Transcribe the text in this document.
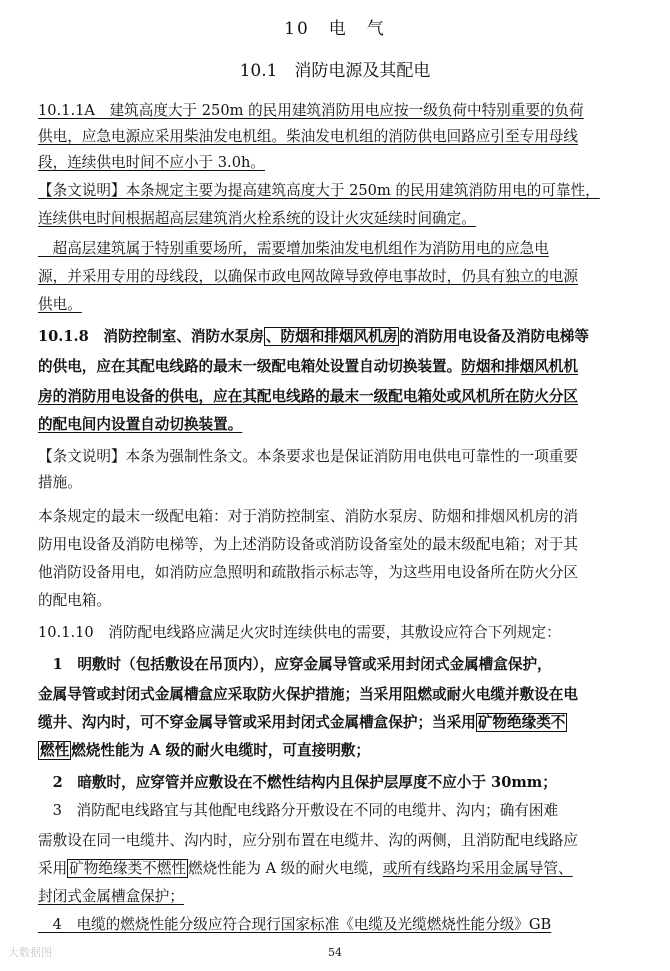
10　电　气
10.1　消防电源及其配电
10.1.1A　建筑高度大于 250m 的民用建筑消防用电应按一级负荷中特别重要的负荷
供电，应急电源应采用柴油发电机组。柴油发电机组的消防供电回路应引至专用母线
段，连续供电时间不应小于 3.0h。
【条文说明】本条规定主要为提高建筑高度大于 250m 的民用建筑消防用电的可靠性，
连续供电时间根据超高层建筑消火栓系统的设计火灾延续时间确定。
　超高层建筑属于特别重要场所，需要增加柴油发电机组作为消防用电的应急电
源，并采用专用的母线段，以确保市政电网故障导致停电事故时，仍具有独立的电源
供电。
10.1.8　消防控制室、消防水泵房 、防烟和排烟风机房 的消防用电设备及消防电梯等
的供电，应在其配电线路的最末一级配电箱处设置自动切换装置。防烟和排烟风机机
房的消防用电设备的供电，应在其配电线路的最末一级配电箱处或风机所在防火分区
的配电间内设置自动切换装置。
【条文说明】本条为强制性条文。本条要求也是保证消防用电供电可靠性的一项重要
措施。
本条规定的最末一级配电箱：对于消防控制室、消防水泵房、防烟和排烟风机房的消
防用电设备及消防电梯等，为上述消防设备或消防设备室处的最末级配电箱；对于其
他消防设备用电，如消防应急照明和疏散指示标志等，为这些用电设备所在防火分区
的配电箱。
10.1.10　消防配电线路应满足火灾时连续供电的需要，其敷设应符合下列规定：
　1　明敷时（包括敷设在吊顶内），应穿金属导管或采用封闭式金属槽盒保护，
金属导管或封闭式金属槽盒应采取防火保护措施；当采用阻燃或耐火电缆并敷设在电
缆井、沟内时，可不穿金属导管或采用封闭式金属槽盒保护；当采用 矿物绝缘类不
燃性 燃烧性能为 A 级的耐火电缆时，可直接明敷；
　2　暗敷时，应穿管并应敷设在不燃性结构内且保护层厚度不应小于 30mm；
　3　消防配电线路宜与其他配电线路分开敷设在不同的电缆井、沟内；确有困难
需敷设在同一电缆井、沟内时，应分别布置在电缆井、沟的两侧，且消防配电线路应
采用 矿物绝缘类不燃性 燃烧性能为 A 级的耐火电缆，或所有线路均采用金属导管、
封闭式金属槽盒保护；
　4　电缆的燃烧性能分级应符合现行国家标准《电缆及光缆燃烧性能分级》GB
大数据图	54
